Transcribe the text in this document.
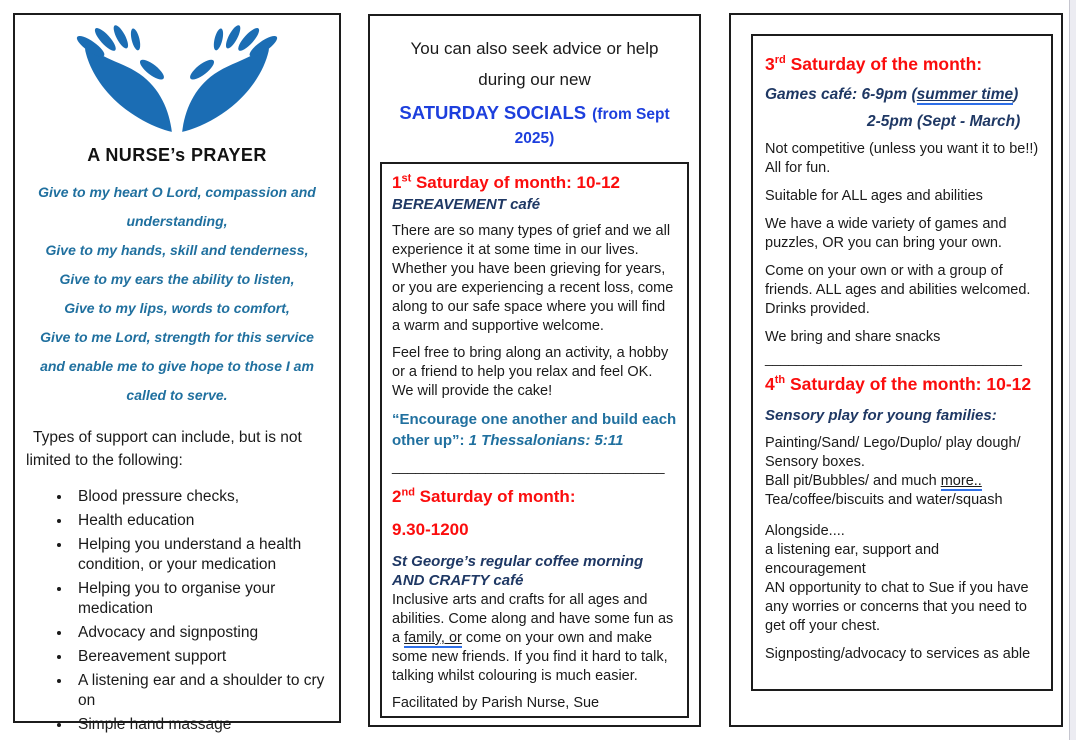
A NURSE’s PRAYER
Give to my heart O Lord, compassion and
understanding,
Give to my hands, skill and tenderness,
Give to my ears the ability to listen,
Give to my lips, words to comfort,
Give to me Lord, strength for this service
and enable me to give hope to those I am
called to serve.

Types of support can include, but is not limited to the following:

• Blood pressure checks,
• Health education
• Helping you understand a health condition, or your medication
• Helping you to organise your medication
• Advocacy and signposting
• Bereavement support
• A listening ear and a shoulder to cry on
• Simple hand massage
You can also seek advice or help
during our new
SATURDAY SOCIALS (from Sept 2025)
1st Saturday of month: 10-12
BEREAVEMENT café

There are so many types of grief and we all experience it at some time in our lives. Whether you have been grieving for years, or you are experiencing a recent loss, come along to our safe space where you will find a warm and supportive welcome.

Feel free to bring along an activity, a hobby or a friend to help you relax and feel OK. We will provide the cake!

“Encourage one another and build each other up”: 1 Thessalonians: 5:11

___________________________________
2nd Saturday of month:
9.30-1200
St George’s regular coffee morning AND CRAFTY café

Inclusive arts and crafts for all ages and abilities. Come along and have some fun as a family, or come on your own and make some new friends. If you find it hard to talk, talking whilst colouring is much easier.

Facilitated by Parish Nurse, Sue

3rd Saturday of the month:
Games café: 6-9pm (summer time)
2-5pm (Sept - March)

Not competitive (unless you want it to be!!) All for fun.

Suitable for ALL ages and abilities

We have a wide variety of games and puzzles, OR you can bring your own.

Come on your own or with a group of friends. ALL ages and abilities welcomed. Drinks provided.

We bring and share snacks

_________________________________
4th Saturday of the month: 10-12
Sensory play for young families:
Painting/Sand/ Lego/Duplo/ play dough/ Sensory boxes.
Ball pit/Bubbles/ and much more..
Tea/coffee/biscuits and water/squash
Alongside....
a listening ear, support and encouragement
AN opportunity to chat to Sue if you have any worries or concerns that you need to get off your chest.

Signposting/advocacy to services as able
